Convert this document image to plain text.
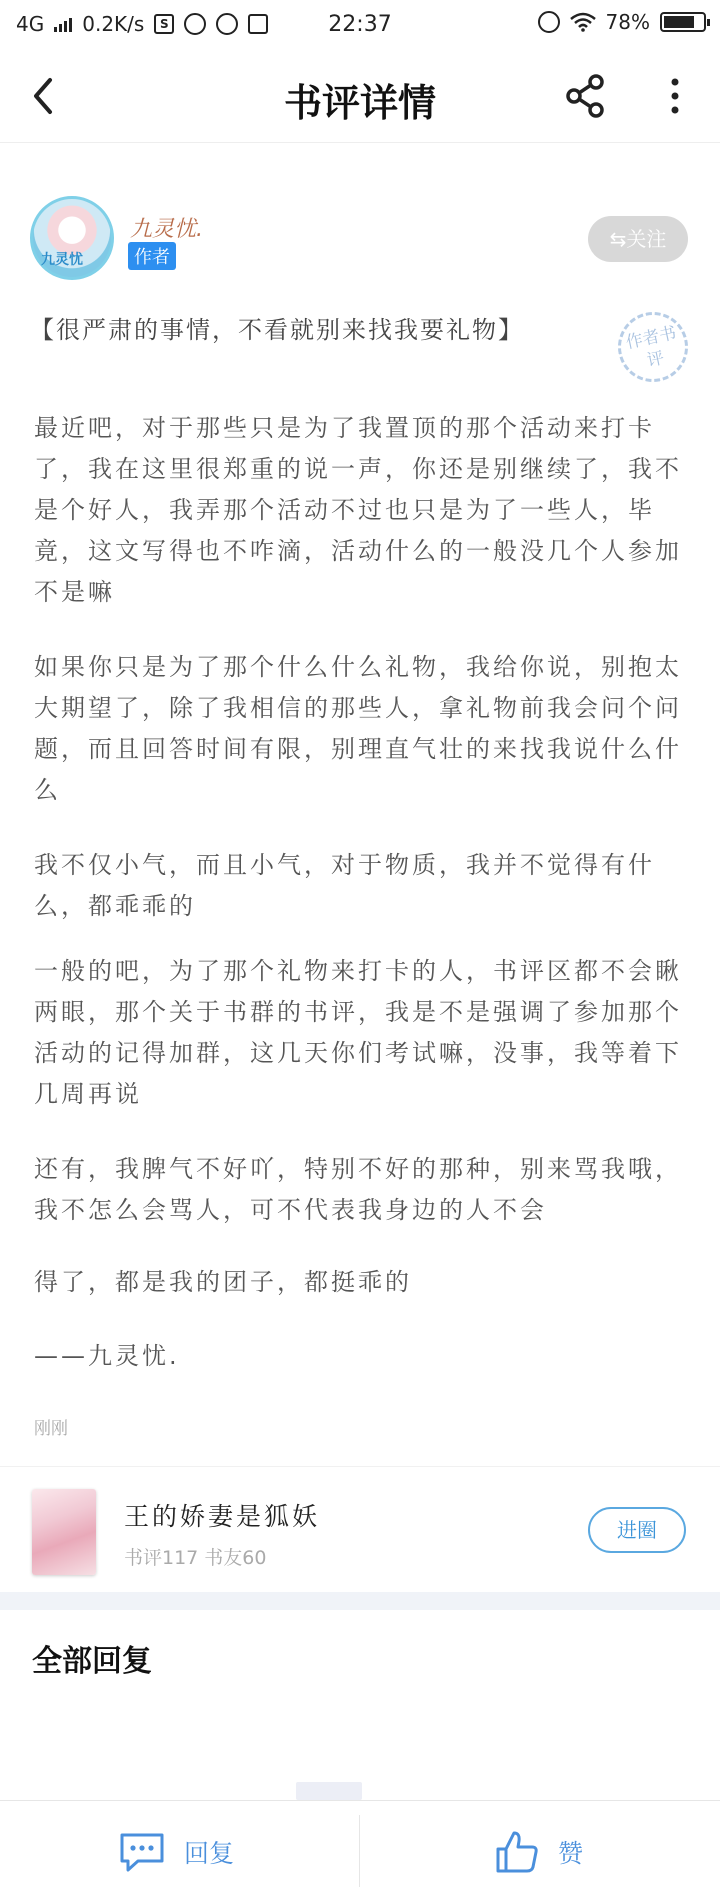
4G 0.2K/s	S	22:37	78%
书评详情
九灵忧
九灵忧.
作者
⇆关注
【很严肃的事情，不看就别来找我要礼物】	作者书评

最近吧，对于那些只是为了我置顶的那个活动来打卡了，我在这里很郑重的说一声，你还是别继续了，我不是个好人，我弄那个活动不过也只是为了一些人，毕竟，这文写得也不咋滴，活动什么的一般没几个人参加不是嘛

如果你只是为了那个什么什么礼物，我给你说，别抱太大期望了，除了我相信的那些人，拿礼物前我会问个问题，而且回答时间有限，别理直气壮的来找我说什么什么

我不仅小气，而且小气，对于物质，我并不觉得有什么，都乖乖的

一般的吧，为了那个礼物来打卡的人，书评区都不会瞅两眼，那个关于书群的书评，我是不是强调了参加那个活动的记得加群，这几天你们考试嘛，没事，我等着下几周再说

还有，我脾气不好吖，特别不好的那种，别来骂我哦，我不怎么会骂人，可不代表我身边的人不会

得了，都是我的团子，都挺乖的

——九灵忧.

刚刚
王的娇妻是狐妖
书评117 书友60
进圈
全部回复
回复	赞
